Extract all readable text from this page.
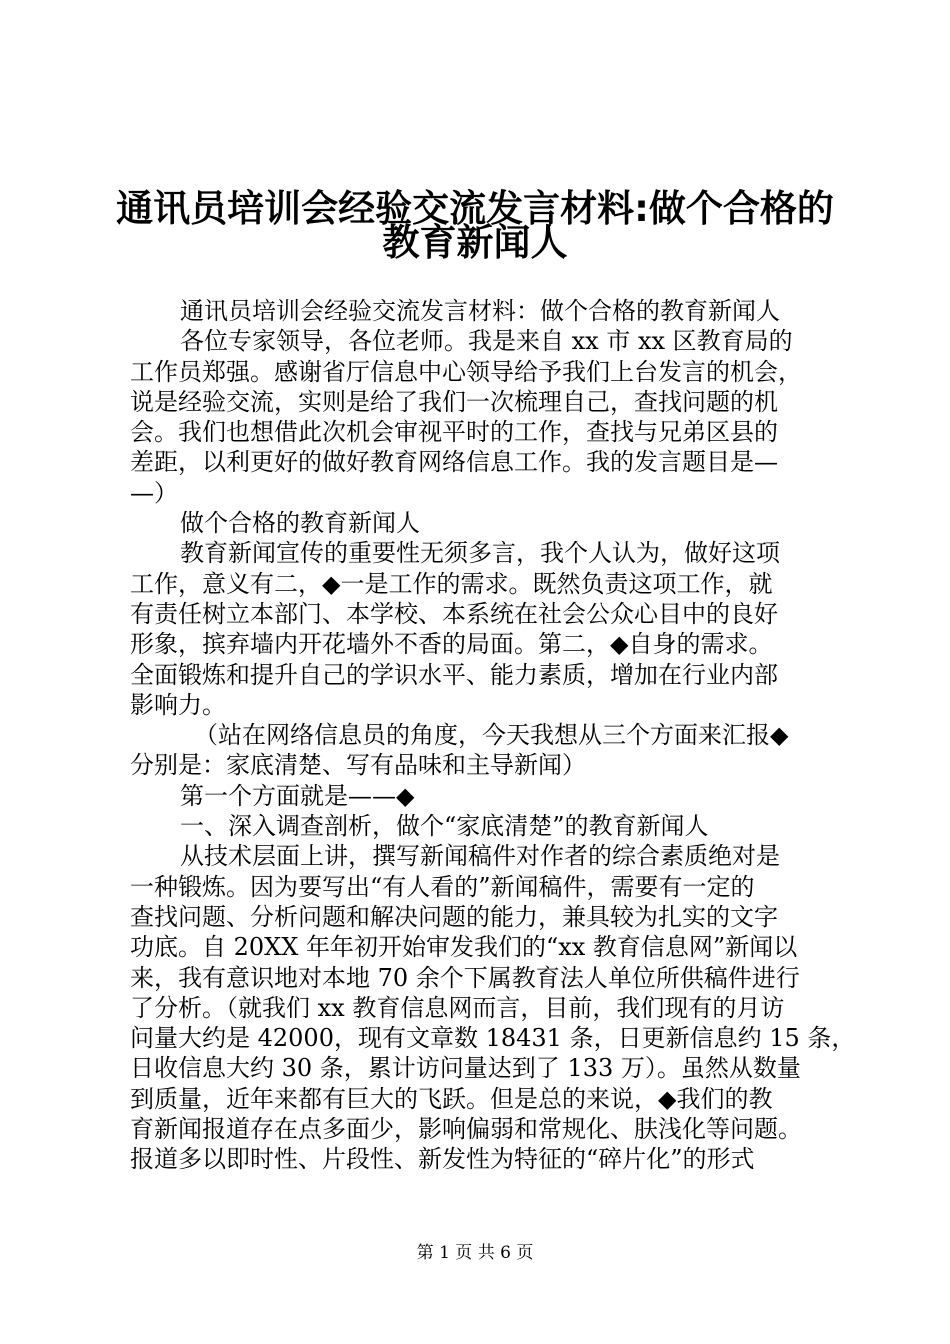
通讯员培训会经验交流发言材料:做个合格的
教育新闻人
通讯员培训会经验交流发言材料：做个合格的教育新闻人
各位专家领导，各位老师。我是来自 xx 市 xx 区教育局的
工作员郑强。感谢省厅信息中心领导给予我们上台发言的机会，
说是经验交流，实则是给了我们一次梳理自己，查找问题的机
会。我们也想借此次机会审视平时的工作，查找与兄弟区县的
差距，以利更好的做好教育网络信息工作。我的发言题目是—
—）
做个合格的教育新闻人
教育新闻宣传的重要性无须多言，我个人认为，做好这项
工作，意义有二，◆一是工作的需求。既然负责这项工作，就
有责任树立本部门、本学校、本系统在社会公众心目中的良好
形象，摈弃墙内开花墙外不香的局面。第二，◆自身的需求。
全面锻炼和提升自己的学识水平、能力素质，增加在行业内部
影响力。
（站在网络信息员的角度，今天我想从三个方面来汇报◆
分别是：家底清楚、写有品味和主导新闻）
第一个方面就是——◆
一、深入调查剖析，做个“家底清楚”的教育新闻人
从技术层面上讲，撰写新闻稿件对作者的综合素质绝对是
一种锻炼。因为要写出“有人看的”新闻稿件，需要有一定的
查找问题、分析问题和解决问题的能力，兼具较为扎实的文字
功底。自 20XX 年年初开始审发我们的“xx 教育信息网”新闻以
来，我有意识地对本地 70 余个下属教育法人单位所供稿件进行
了分析。（就我们 xx 教育信息网而言，目前，我们现有的月访
问量大约是 42000，现有文章数 18431 条，日更新信息约 15 条，
日收信息大约 30 条，累计访问量达到了 133 万）。虽然从数量
到质量，近年来都有巨大的飞跃。但是总的来说，◆我们的教
育新闻报道存在点多面少，影响偏弱和常规化、肤浅化等问题。
报道多以即时性、片段性、新发性为特征的“碎片化”的形式
第 1 页 共 6 页
